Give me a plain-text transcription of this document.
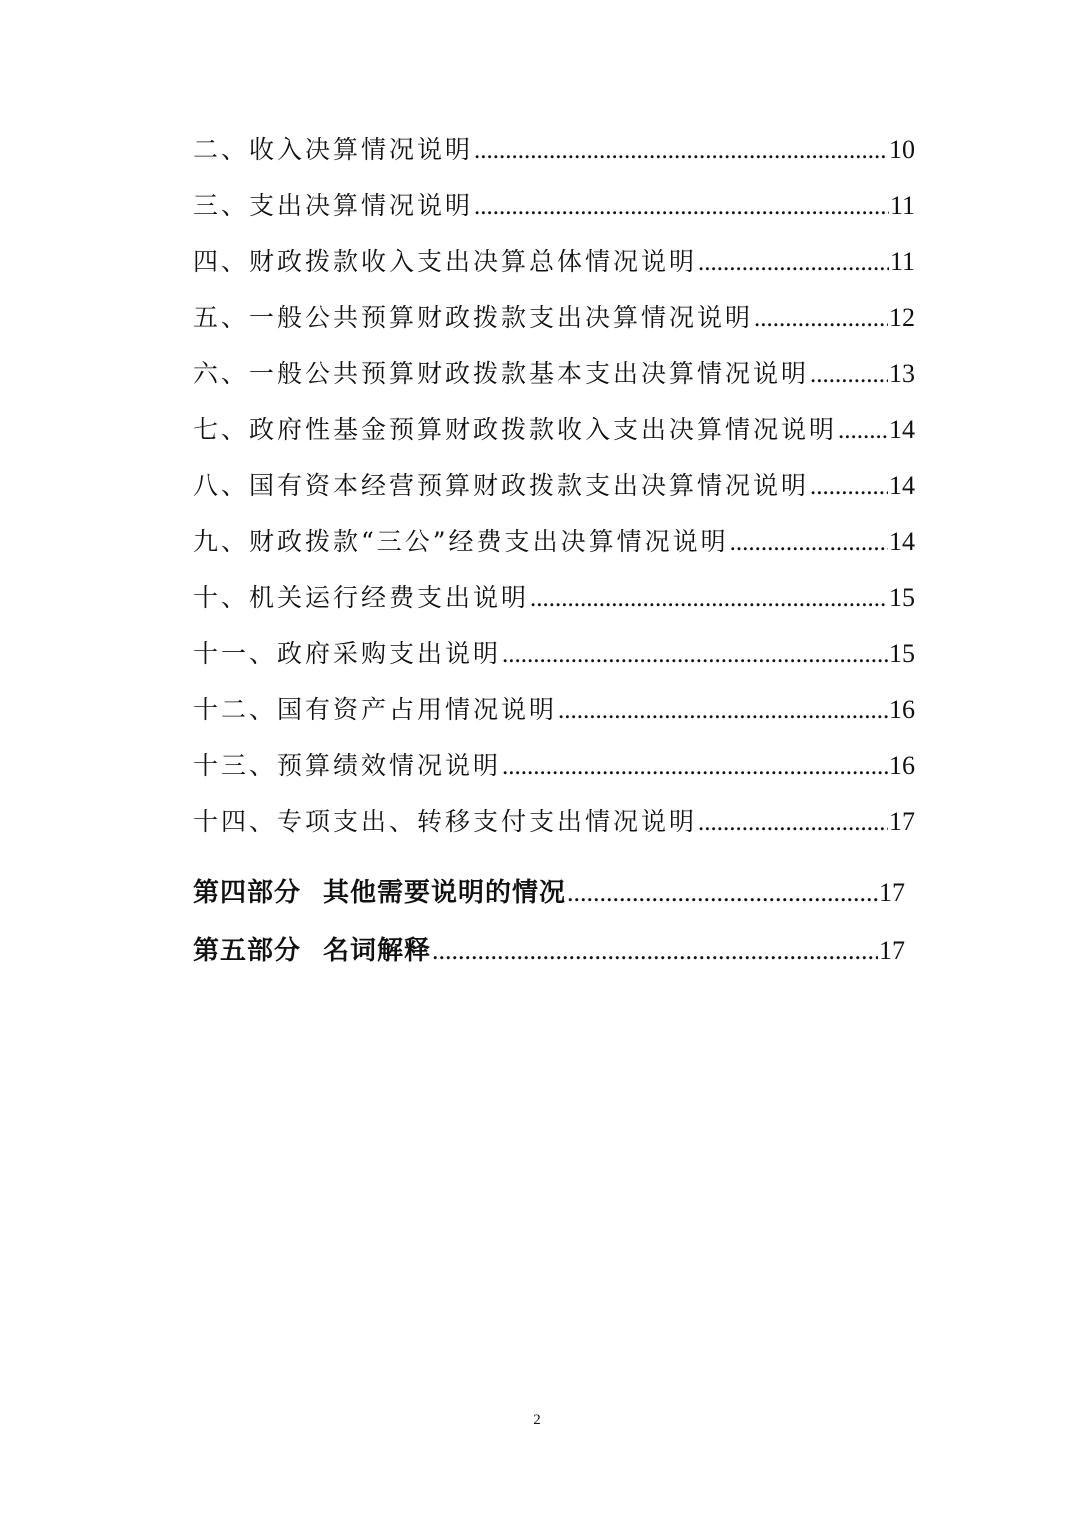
二、收入决算情况说明 .....	10
三、支出决算情况说明 .....	11
四、财政拨款收入支出决算总体情况说明 .....	11
五、一般公共预算财政拨款支出决算情况说明 .....	12
六、一般公共预算财政拨款基本支出决算情况说明 .....	13
七、政府性基金预算财政拨款收入支出决算情况说明 ..... 14
八、国有资本经营预算财政拨款支出决算情况说明 .....	14
九、财政拨款“三公”经费支出决算情况说明 .....	14
十、机关运行经费支出说明 .....	15
十一、政府采购支出说明 .....	15
十二、国有资产占用情况说明 .....	16
十三、预算绩效情况说明 .....	16
十四、专项支出、转移支付支出情况说明 .....	17
第四部分 其他需要说明的情况 .....	17
第五部分 名词解释 .....	17
2
